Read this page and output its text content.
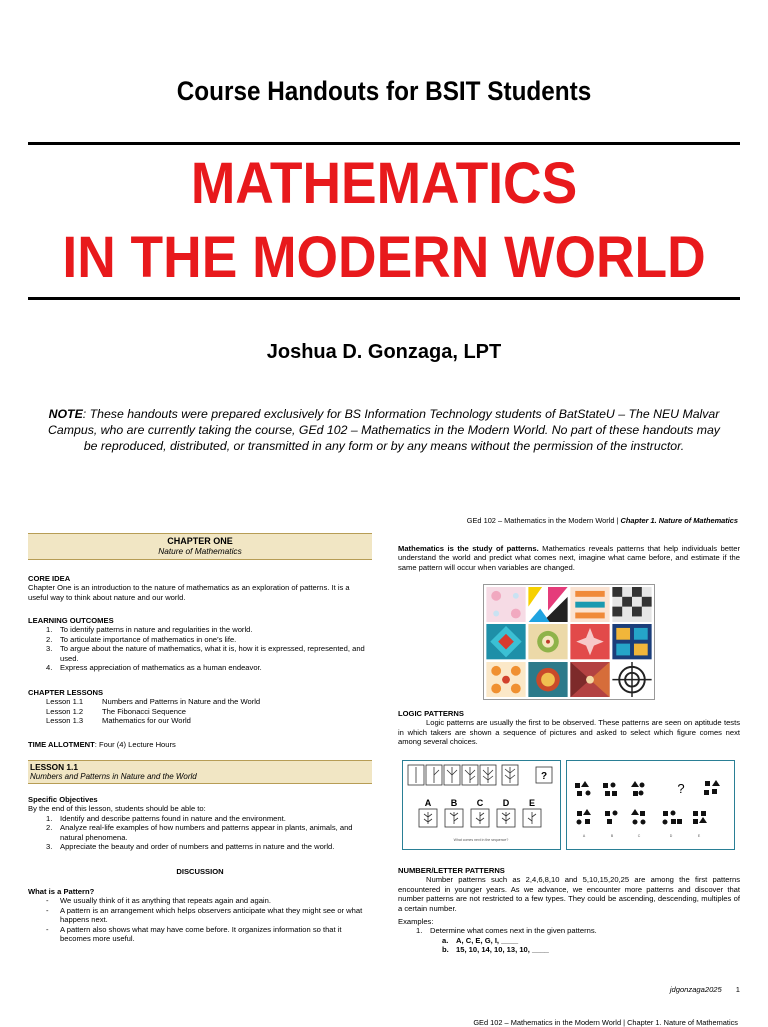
Course Handouts for BSIT Students
MATHEMATICS
IN THE MODERN WORLD
Joshua D. Gonzaga, LPT
NOTE: These handouts were prepared exclusively for BS Information Technology students of BatStateU – The NEU Malvar Campus, who are currently taking the course, GEd 102 – Mathematics in the Modern World. No part of these handouts may be reproduced, distributed, or transmitted in any form or by any means without the permission of the instructor.
GEd 102 – Mathematics in the Modern World | Chapter 1. Nature of Mathematics
CHAPTER ONE
Nature of Mathematics
CORE IDEA
Chapter One is an introduction to the nature of mathematics as an exploration of patterns. It is a useful way to think about nature and our world.
LEARNING OUTCOMES
1. To identify patterns in nature and regularities in the world.
2. To articulate importance of mathematics in one’s life.
3. To argue about the nature of mathematics, what it is, how it is expressed, represented, and used.
4. Express appreciation of mathematics as a human endeavor.
CHAPTER LESSONS
Lesson 1.1 Numbers and Patterns in Nature and the World
Lesson 1.2 The Fibonacci Sequence
Lesson 1.3 Mathematics for our World
TIME ALLOTMENT: Four (4) Lecture Hours
LESSON 1.1
Numbers and Patterns in Nature and the World
Specific Objectives
By the end of this lesson, students should be able to:
1. Identify and describe patterns found in nature and the environment.
2. Analyze real-life examples of how numbers and patterns appear in plants, animals, and natural phenomena.
3. Appreciate the beauty and order of numbers and patterns in nature and the world.
DISCUSSION
What is a Pattern?
- We usually think of it as anything that repeats again and again.
- A pattern is an arrangement which helps observers anticipate what they might see or what happens next.
- A pattern also shows what may have come before. It organizes information so that it becomes more useful.
Mathematics is the study of patterns. Mathematics reveals patterns that help individuals better understand the world and predict what comes next, imagine what came before, and estimate if the same pattern will occur when variables are changed.
LOGIC PATTERNS
Logic patterns are usually the first to be observed. These patterns are seen on aptitude tests in which takers are shown a sequence of pictures and asked to select which figure comes next among several choices.
?
A B C D E
What comes next in the sequence?
?
A	B	C	D	E
NUMBER/LETTER PATTERNS
Number patterns such as 2,4,6,8,10 and 5,10,15,20,25 are among the first patterns encountered in younger years. As we advance, we encounter more patterns and discover that number patterns are not restricted to a few types. They could be ascending, descending, multiples of a certain number.
Examples:
1. Determine what comes next in the given patterns.
a. A, C, E, G, I, ____
b. 15, 10, 14, 10, 13, 10, ____
jdgonzaga2025 1
GEd 102 – Mathematics in the Modern World | Chapter 1. Nature of Mathematics
